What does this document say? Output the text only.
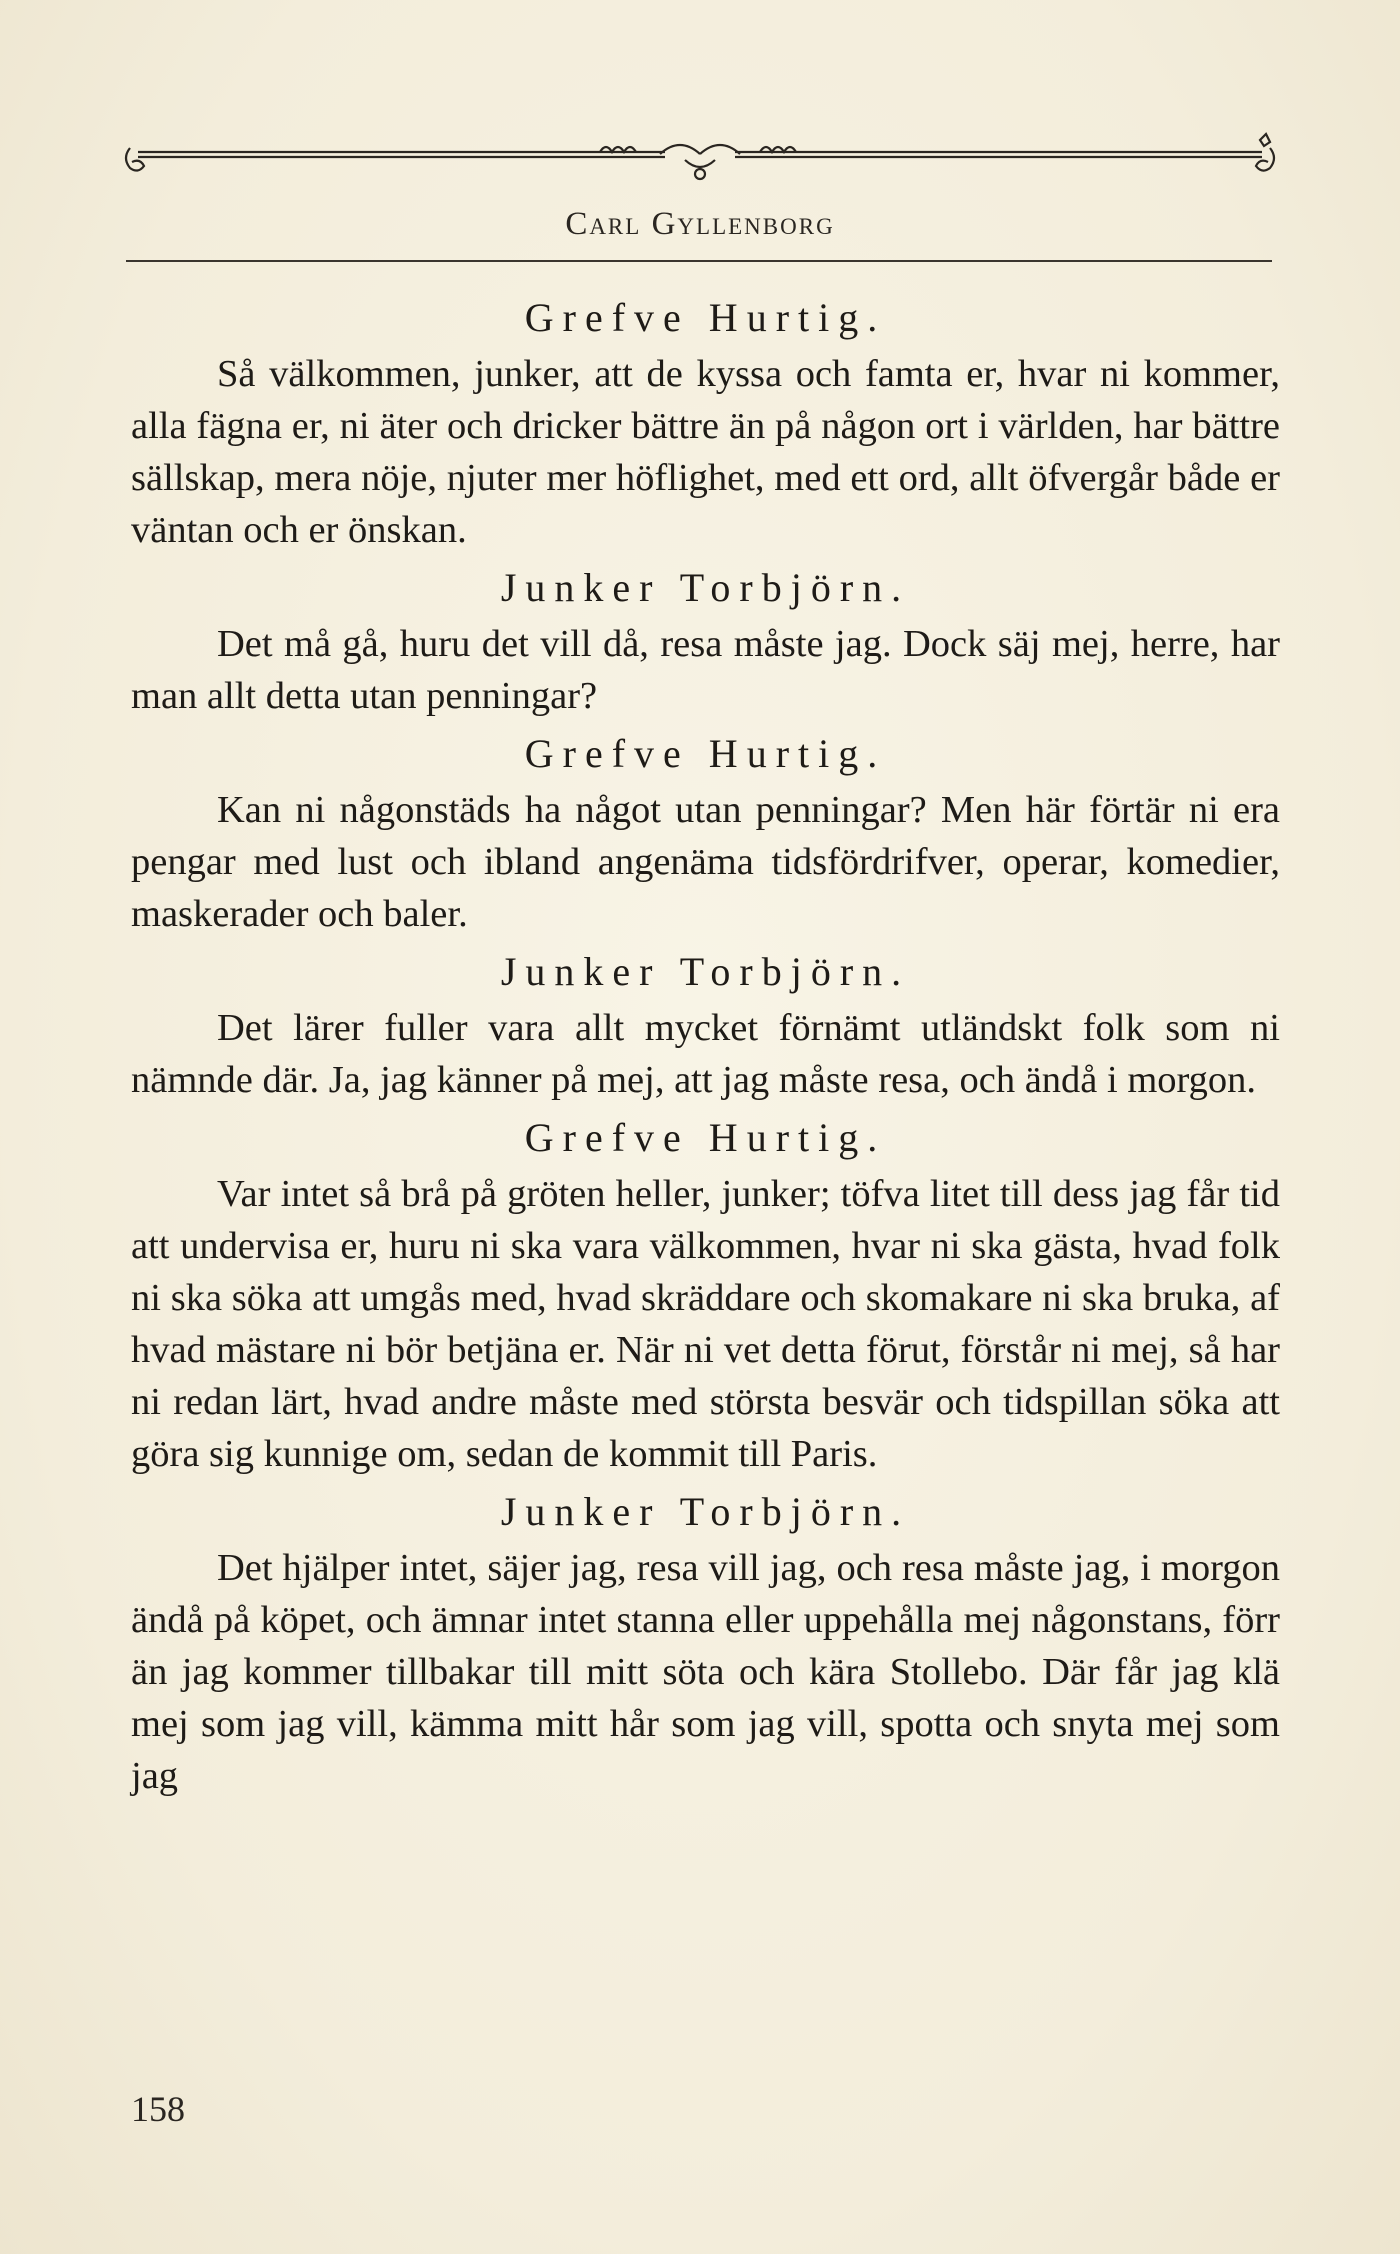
Carl Gyllenborg
Grefve Hurtig.

Så välkommen, junker, att de kyssa och famta er, hvar ni kommer, alla fägna er, ni äter och dricker bättre än på någon ort i världen, har bättre sällskap, mera nöje, njuter mer höflighet, med ett ord, allt öfvergår både er väntan och er önskan.

Junker Torbjörn.

Det må gå, huru det vill då, resa måste jag. Dock säj mej, herre, har man allt detta utan penningar?

Grefve Hurtig.

Kan ni någonstäds ha något utan penningar? Men här förtär ni era pengar med lust och ibland angenäma tidsfördrifver, operar, komedier, maskerader och baler.

Junker Torbjörn.

Det lärer fuller vara allt mycket förnämt utländskt folk som ni nämnde där. Ja, jag känner på mej, att jag måste resa, och ändå i morgon.

Grefve Hurtig.

Var intet så brå på gröten heller, junker; töfva litet till dess jag får tid att undervisa er, huru ni ska vara välkommen, hvar ni ska gästa, hvad folk ni ska söka att umgås med, hvad skräddare och skomakare ni ska bruka, af hvad mästare ni bör betjäna er. När ni vet detta förut, förstår ni mej, så har ni redan lärt, hvad andre måste med största besvär och tidspillan söka att göra sig kunnige om, sedan de kommit till Paris.

Junker Torbjörn.

Det hjälper intet, säjer jag, resa vill jag, och resa måste jag, i morgon ändå på köpet, och ämnar intet stanna eller uppehålla mej någonstans, förr än jag kommer tillbakar till mitt söta och kära Stollebo. Där får jag klä mej som jag vill, kämma mitt hår som jag vill, spotta och snyta mej som jag

158
